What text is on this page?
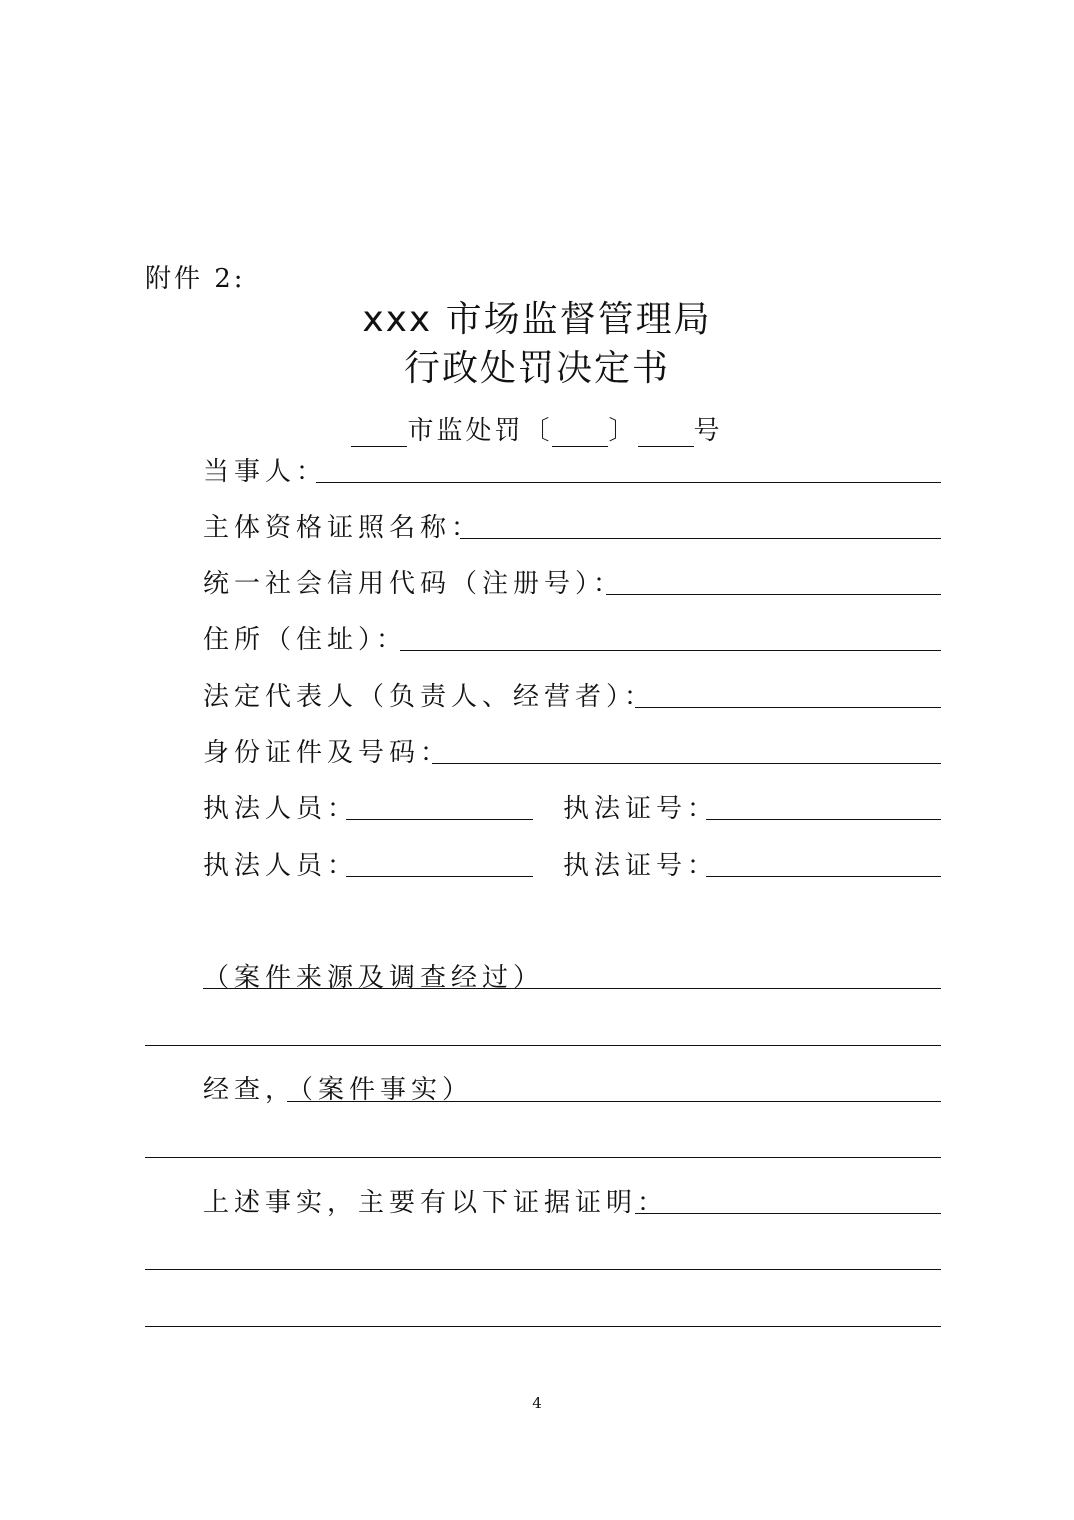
附件 2:
xxx 市场监督管理局
行政处罚决定书
市监处罚〔 〕 号
当事人：
主体资格证照名称：
统一社会信用代码（注册号）：
住所（住址）：
法定代表人（负责人、经营者）：
身份证件及号码：
执法人员：	执法证号：
执法人员：	执法证号：
（案件来源及调查经过）
经查，
（案件事实）
上述事实，主要有以下证据证明：
4
